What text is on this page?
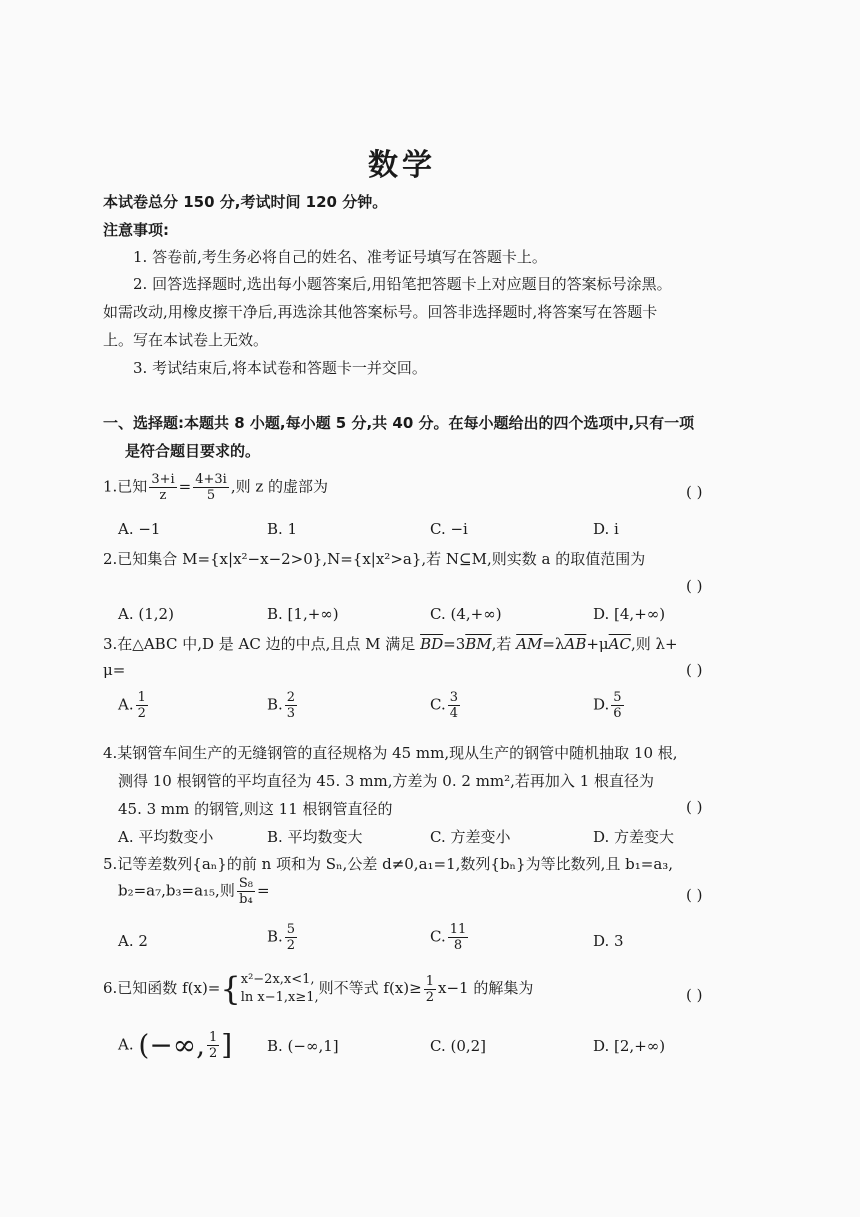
数学
本试卷总分 150 分,考试时间 120 分钟。
注意事项:
1. 答卷前,考生务必将自己的姓名、准考证号填写在答题卡上。
2. 回答选择题时,选出每小题答案后,用铅笔把答题卡上对应题目的答案标号涂黑。
如需改动,用橡皮擦干净后,再选涂其他答案标号。回答非选择题时,将答案写在答题卡
上。写在本试卷上无效。
3. 考试结束后,将本试卷和答题卡一并交回。
一、选择题:本题共 8 小题,每小题 5 分,共 40 分。在每小题给出的四个选项中,只有一项
是符合题目要求的。
1.已知 $\frac{3+i}{z} = \frac{4+3i}{5}$ ,则 z 的虚部为	( )
A. −1	B. 1	C. −i	D. i
2.已知集合 M={x|x²−x−2>0},N={x|x²>a},若 N⊆M,则实数 a 的取值范围为
( )
A. (1,2)	B. [1,+∞)	C. (4,+∞)	D. [4,+∞)
3.在△ABC 中,D 是 AC 边的中点,且点 M 满足 $\overline{BD}=3\overline{BM}$,若 $\overline{AM}=\lambda\overline{AB}+\mu\overline{AC}$,则 λ+
μ=	( )
A. $\frac{1}{2}$	B. $\frac{2}{3}$	C. $\frac{3}{4}$	D. $\frac{5}{6}$
4.某钢管车间生产的无缝钢管的直径规格为 45 mm,现从生产的钢管中随机抽取 10 根,
测得 10 根钢管的平均直径为 45. 3 mm,方差为 0. 2 mm²,若再加入 1 根直径为
45. 3 mm 的钢管,则这 11 根钢管直径的	( )
A. 平均数变小	B. 平均数变大	C. 方差变小	D. 方差变大
5.记等差数列{aₙ}的前 n 项和为 Sₙ,公差 d≠0,a₁=1,数列{bₙ}为等比数列,且 b₁=a₃,
b₂=a₇,b₃=a₁₅,则 $\frac{\text{S₈}}{\text{b₄}}$ =	( )
A. 2	B. $\frac{5}{2}$	C. $\frac{11}{8}$	D. 3
6.已知函数 f(x)={ x²−2x,x<1,
ln x−1,x≥1,
则不等式 $f(x)\ge \frac{1}{2} x-1$ 的解集为	( )
A. (−∞, $\frac{1}{2}$ ] B. (−∞,1]	C. (0,2]	D. [2,+∞)
